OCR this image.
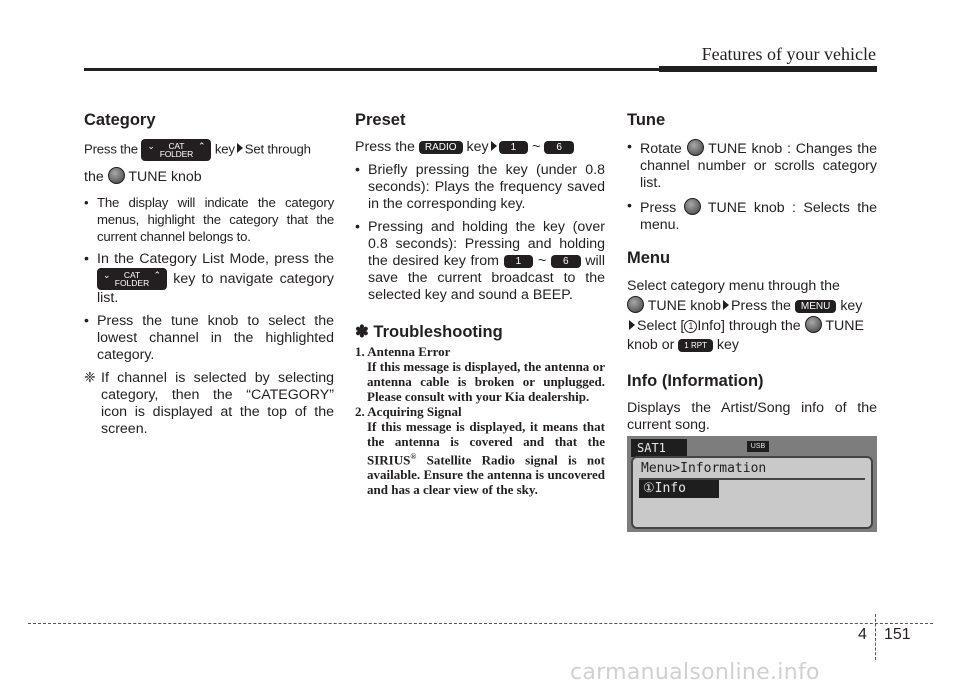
Features of your vehicle
Category

Press the ⌄ CAT
FOLDER
⌃ key Set through

the TUNE knob

• The display will indicate the category menus, highlight the category that the current channel belongs to.
• In the Category List Mode, press the
⌄ CAT
FOLDER
⌃ key to navigate category list.
• Press the tune knob to select the lowest channel in the highlighted category.
❈ If channel is selected by selecting category, then the “CATEGORY” icon is displayed at the top of the screen.
Preset

Press the RADIO key 1 ~ 6

• Briefly pressing the key (under 0.8 seconds): Plays the frequency saved in the corresponding key.
• Pressing and holding the key (over 0.8 seconds): Pressing and holding the desired key from 1 ~ 6 will save the current broadcast to the selected key and sound a BEEP.
✽ Troubleshooting
1. Antenna Error
If this message is displayed, the antenna or antenna cable is broken or unplugged. Please consult with your Kia dealership.
2. Acquiring Signal
If this message is displayed, it means that the antenna is covered and that the SIRIUS® Satellite Radio signal is not available. Ensure the antenna is uncovered and has a clear view of the sky.
Tune
• Rotate TUNE knob : Changes the channel number or scrolls category list.
• Press TUNE knob : Selects the menu.
Menu

Select category menu through the
TUNE knob Press the MENU key
Select [ 1 Info] through the TUNE
knob or 1 RPT key

Info (Information)

Displays the Artist/Song info of the current song.

SAT1	USB
Menu>Information
①Info
4 151
carmanualsonline.info
